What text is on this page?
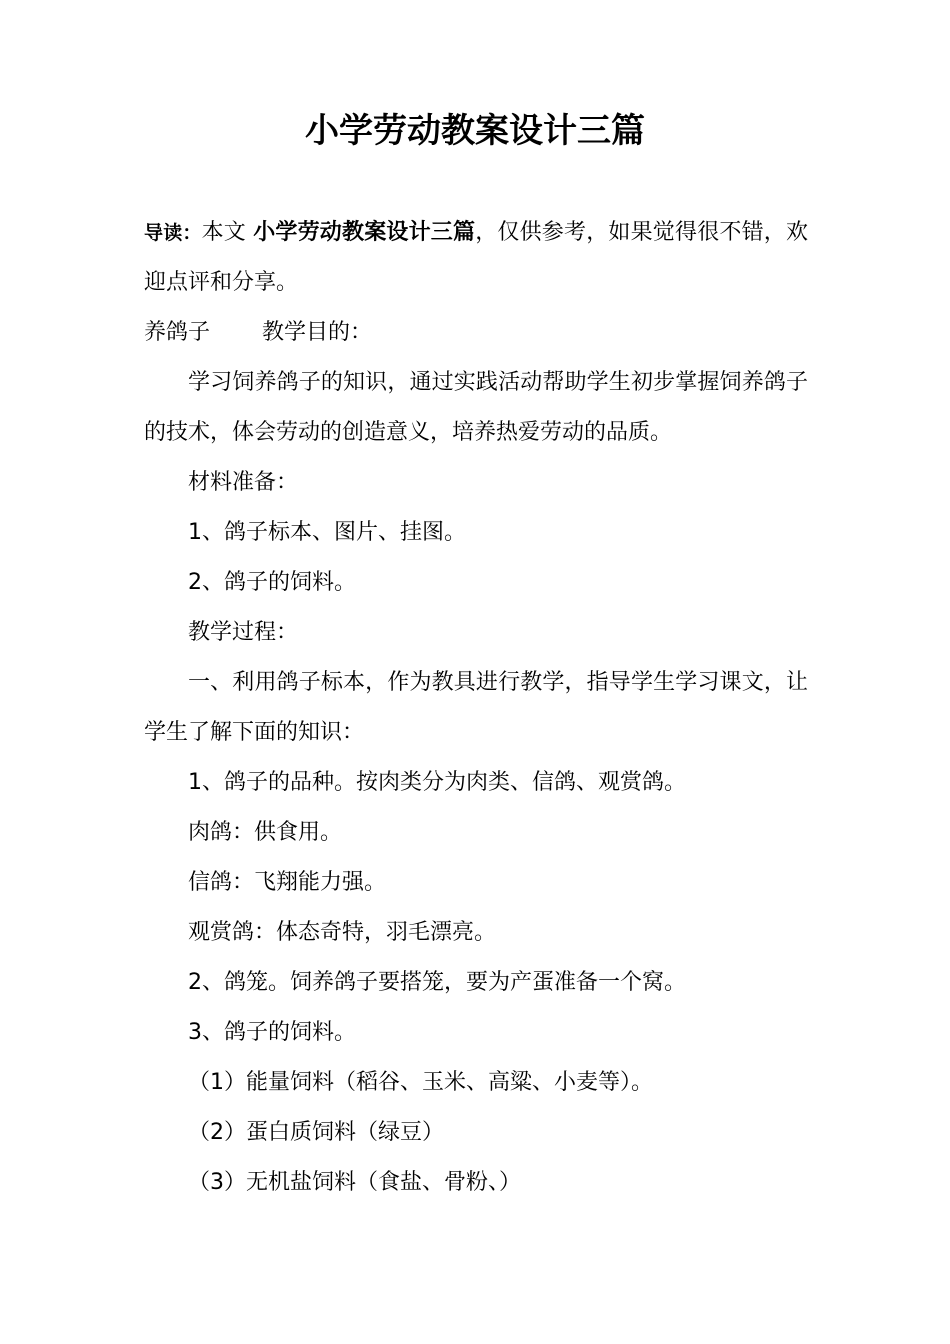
小学劳动教案设计三篇

导读：本文 小学劳动教案设计三篇，仅供参考，如果觉得很不错，欢迎点评和分享。

养鸽子 教学目的：

学习饲养鸽子的知识，通过实践活动帮助学生初步掌握饲养鸽子的技术，体会劳动的创造意义，培养热爱劳动的品质。

材料准备：

1、鸽子标本、图片、挂图。

2、鸽子的饲料。

教学过程：

一、利用鸽子标本，作为教具进行教学，指导学生学习课文，让学生了解下面的知识：

1、鸽子的品种。按肉类分为肉类、信鸽、观赏鸽。

肉鸽：供食用。

信鸽：飞翔能力强。

观赏鸽：体态奇特，羽毛漂亮。

2、鸽笼。饲养鸽子要搭笼，要为产蛋准备一个窝。

3、鸽子的饲料。

（1）能量饲料（稻谷、玉米、高粱、小麦等）。

（2）蛋白质饲料（绿豆）

（3）无机盐饲料（食盐、骨粉、）
